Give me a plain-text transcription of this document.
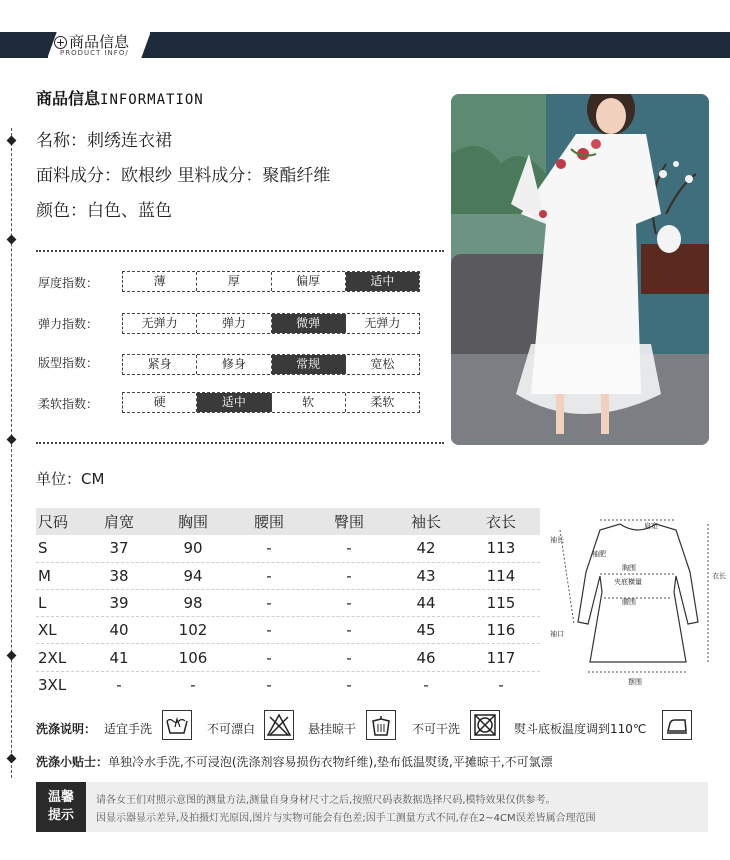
+ 商品信息
PRODUCT INFO/
商品信息INFORMATION
名称：刺绣连衣裙
面料成分：欧根纱 里料成分：聚酯纤维
颜色：白色、蓝色
厚度指数：	薄	厚	偏厚	适中
弹力指数：	无弹力	弹力	微弹	无弹力
版型指数：	紧身	修身	常规	宽松
柔软指数：	硬	适中	软	柔软
单位：CM
尺码	肩宽	胸围	腰围	臀围	袖长	衣长
S	37	90	-	-	42	113
M	38	94	-	-	43	114
L	39	98	-	-	44	115
XL	40	102	-	-	45	116
2XL	41	106	-	-	46	117
3XL	-	-	-	-	-	-
袖长
肩宽
袖肥
胸围
夹底横量
腰围
衣长
袖口
摆围
洗涤说明： 适宜手洗	不可漂白	悬挂晾干	不可干洗	熨斗底板温度调到110℃
洗涤小贴士：单独冷水手洗,不可浸泡(洗涤剂容易损伤衣物纤维),垫布低温熨烫,平摊晾干,不可氯漂
温馨
提示
请各女王们对照示意图的测量方法,测量自身身材尺寸之后,按照尺码表数据选择尺码,模特效果仅供参考。
因显示器显示差异,及拍摄灯光原因,图片与实物可能会有色差;因手工测量方式不同,存在2~4CM误差皆属合理范围
